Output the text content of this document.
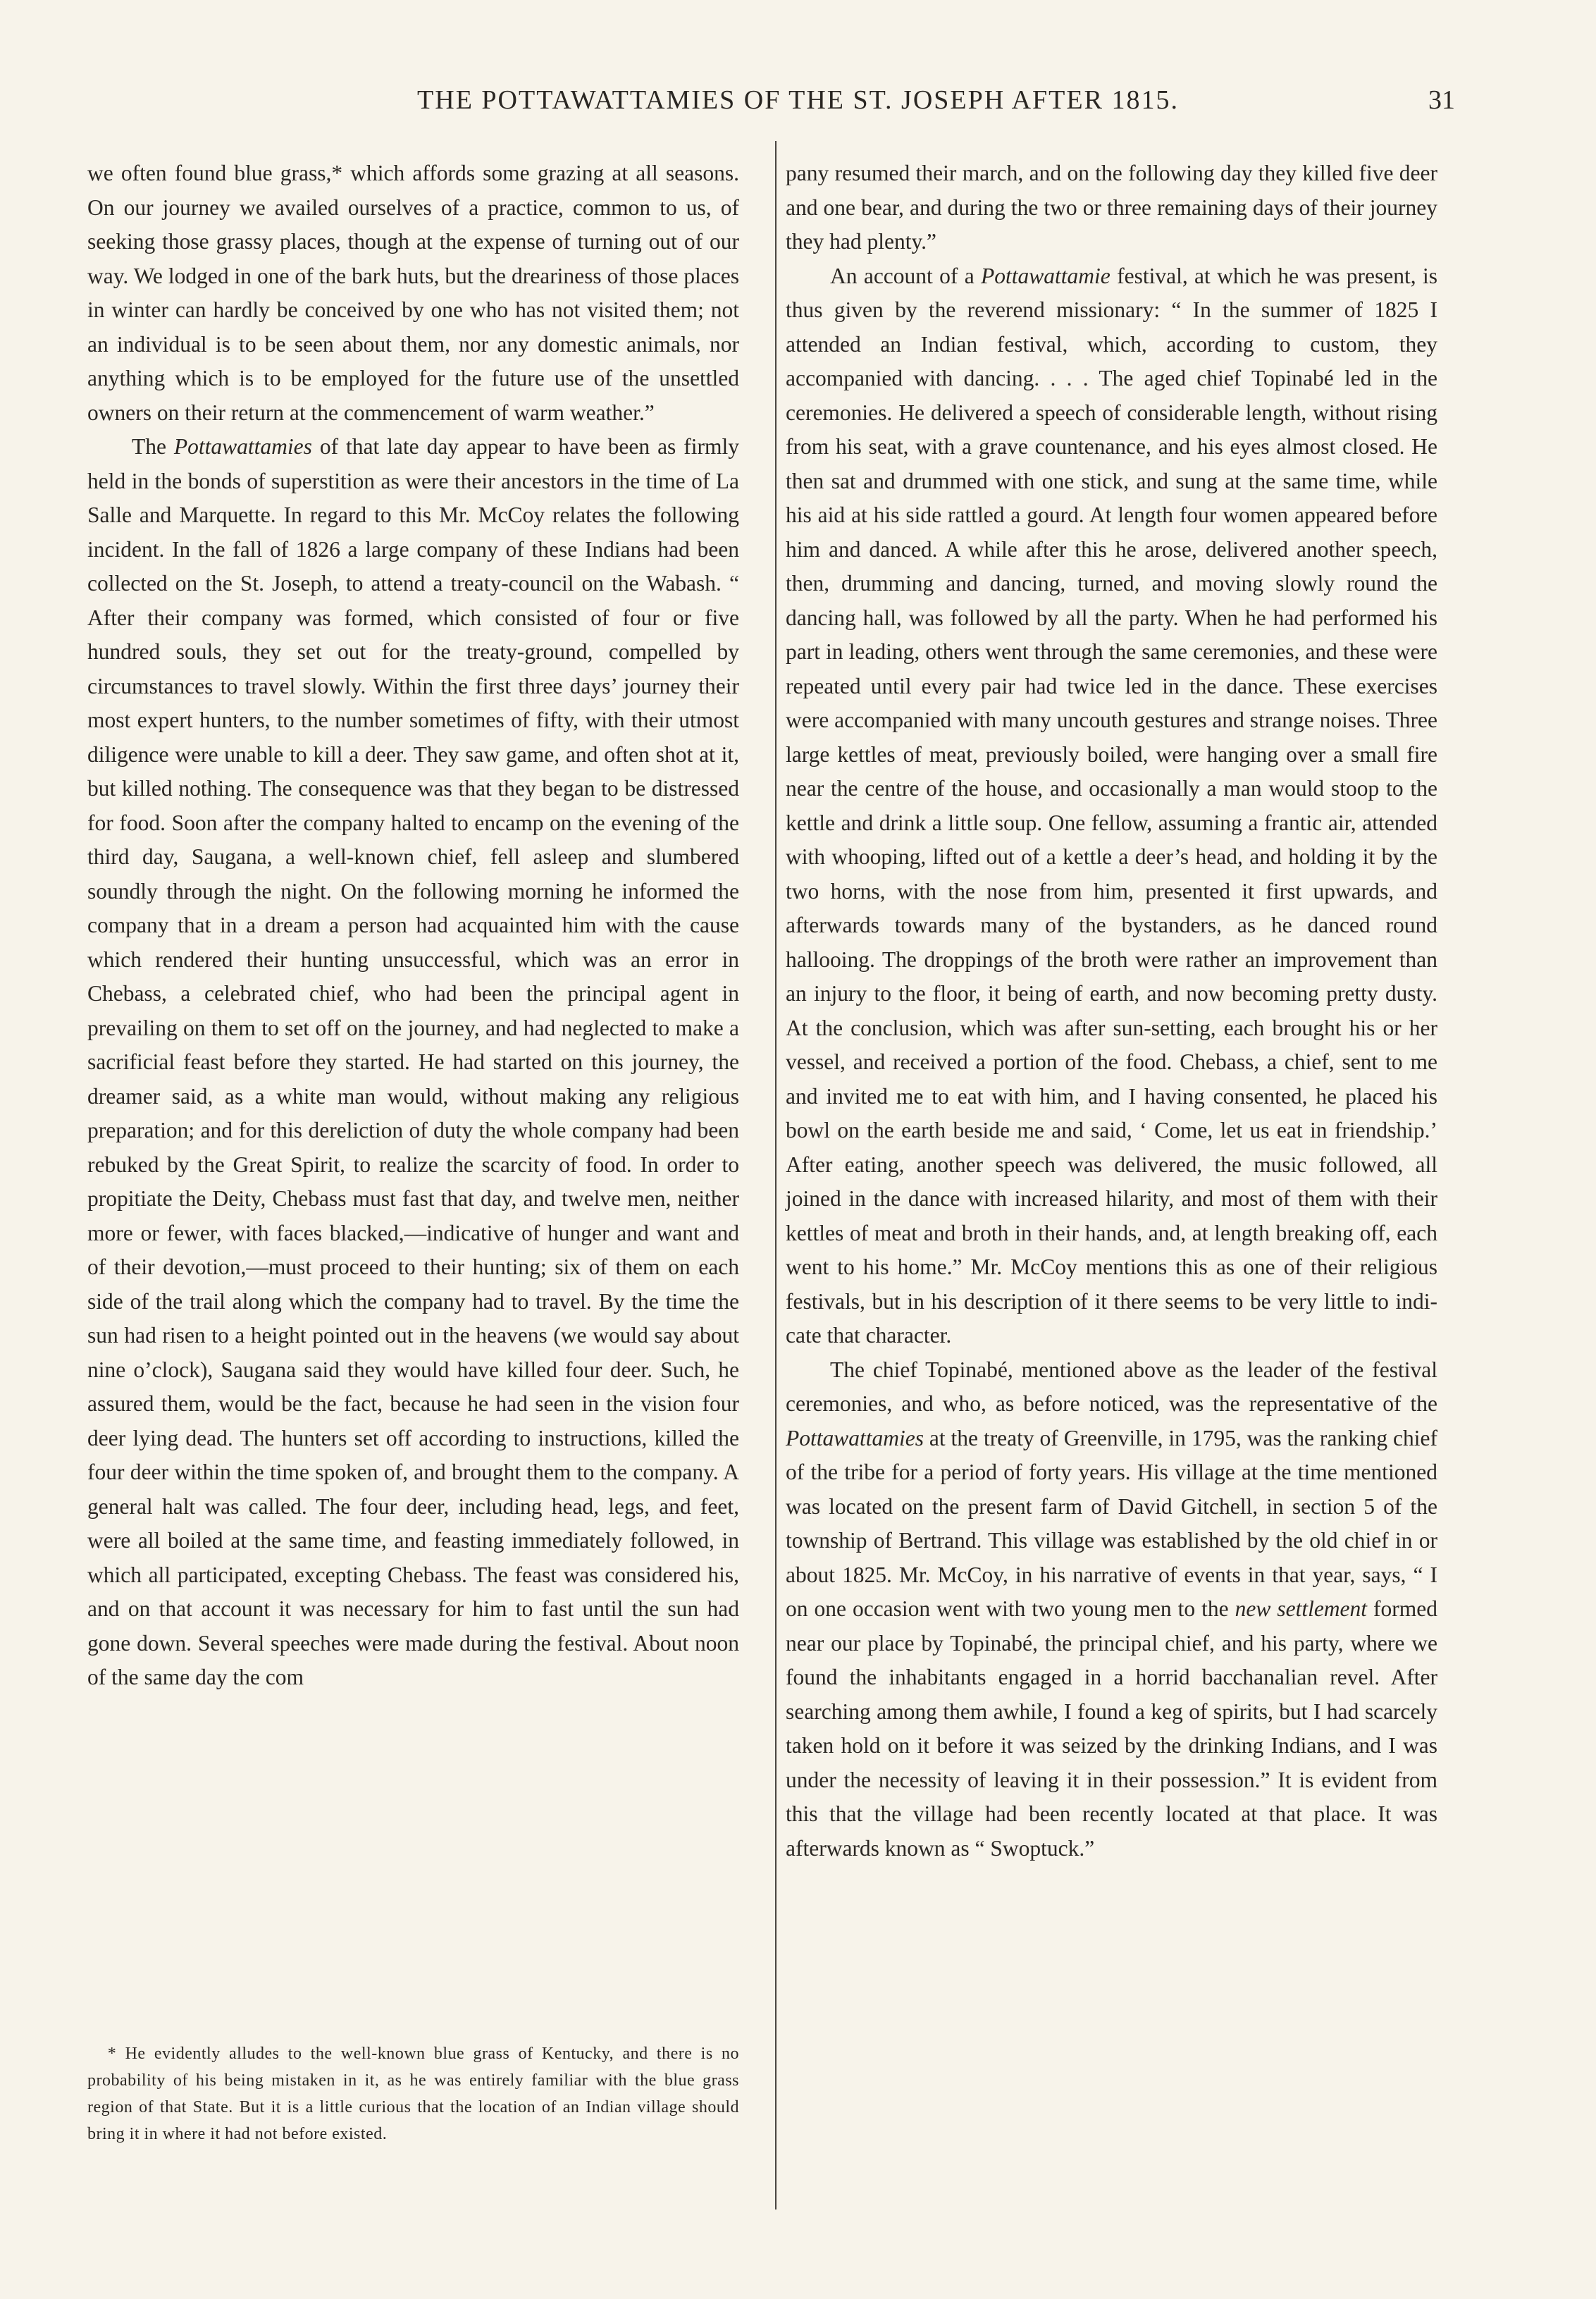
THE POTTAWATTAMIES OF THE ST. JOSEPH AFTER 1815.	31

we often found blue grass,* which affords some grazing at all seasons. On our journey we availed ourselves of a practice, common to us, of seeking those grassy places, though at the expense of turning out of our way. We lodged in one of the bark huts, but the dreariness of those places in winter can hardly be conceived by one who has not visited them; not an individual is to be seen about them, nor any domestic animals, nor anything which is to be employed for the future use of the unsettled owners on their return at the commencement of warm weather.”

The Pottawattamies of that late day appear to have been as firmly held in the bonds of superstition as were their ancestors in the time of La Salle and Marquette. In regard to this Mr. McCoy relates the following incident. In the fall of 1826 a large company of these Indians had been collected on the St. Joseph, to attend a treaty-council on the Wabash. “ After their company was formed, which consisted of four or five hundred souls, they set out for the treaty-ground, compelled by circumstances to travel slowly. Within the first three days’ journey their most expert hunters, to the number sometimes of fifty, with their utmost diligence were unable to kill a deer. They saw game, and often shot at it, but killed nothing. The consequence was that they began to be distressed for food. Soon after the company halted to encamp on the evening of the third day, Saugana, a well-known chief, fell asleep and slumbered soundly through the night. On the following morning he informed the company that in a dream a person had acquainted him with the cause which rendered their hunting unsuccessful, which was an error in Chebass, a celebrated chief, who had been the principal agent in prevailing on them to set off on the journey, and had neglected to make a sacrificial feast before they started. He had started on this journey, the dreamer said, as a white man would, without making any religious preparation; and for this dereliction of duty the whole company had been rebuked by the Great Spirit, to realize the scarcity of food. In order to propitiate the Deity, Chebass must fast that day, and twelve men, neither more or fewer, with faces blacked,—indicative of hunger and want and of their devotion,—must proceed to their hunting; six of them on each side of the trail along which the company had to travel. By the time the sun had risen to a height pointed out in the heavens (we would say about nine o’clock), Saugana said they would have killed four deer. Such, he assured them, would be the fact, because he had seen in the vision four deer lying dead. The hunters set off according to instructions, killed the four deer within the time spoken of, and brought them to the company. A general halt was called. The four deer, including head, legs, and feet, were all boiled at the same time, and feasting immediately followed, in which all participated, excepting Chebass. The feast was considered his, and on that account it was necessary for him to fast until the sun had gone down. Several speeches were made during the festival. About noon of the same day the com

* He evidently alludes to the well-known blue grass of Kentucky, and there is no probability of his being mistaken in it, as he was entirely familiar with the blue grass region of that State. But it is a little curious that the location of an Indian village should bring it in where it had not before existed.

pany resumed their march, and on the following day they killed five deer and one bear, and during the two or three remaining days of their journey they had plenty.”

An account of a Pottawattamie festival, at which he was present, is thus given by the reverend missionary: “ In the summer of 1825 I attended an Indian festival, which, according to custom, they accompanied with dancing. . . . The aged chief Topinabé led in the ceremonies. He delivered a speech of considerable length, without rising from his seat, with a grave countenance, and his eyes almost closed. He then sat and drummed with one stick, and sung at the same time, while his aid at his side rattled a gourd. At length four women appeared before him and danced. A while after this he arose, delivered another speech, then, drumming and dancing, turned, and moving slowly round the dancing hall, was followed by all the party. When he had performed his part in leading, others went through the same ceremonies, and these were repeated until every pair had twice led in the dance. These exercises were accompanied with many uncouth gestures and strange noises. Three large kettles of meat, previously boiled, were hanging over a small fire near the centre of the house, and occasionally a man would stoop to the kettle and drink a little soup. One fellow, assuming a frantic air, attended with whooping, lifted out of a kettle a deer’s head, and holding it by the two horns, with the nose from him, presented it first upwards, and afterwards towards many of the bystanders, as he danced round hallooing. The droppings of the broth were rather an improvement than an injury to the floor, it being of earth, and now becoming pretty dusty. At the conclusion, which was after sun-setting, each brought his or her vessel, and received a portion of the food. Chebass, a chief, sent to me and invited me to eat with him, and I having consented, he placed his bowl on the earth beside me and said, ‘ Come, let us eat in friendship.’ After eating, another speech was delivered, the music followed, all joined in the dance with increased hilarity, and most of them with their kettles of meat and broth in their hands, and, at length breaking off, each went to his home.” Mr. McCoy mentions this as one of their religious festivals, but in his description of it there seems to be very little to indicate that character.

The chief Topinabé, mentioned above as the leader of the festival ceremonies, and who, as before noticed, was the representative of the Pottawattamies at the treaty of Greenville, in 1795, was the ranking chief of the tribe for a period of forty years. His village at the time mentioned was located on the present farm of David Gitchell, in section 5 of the township of Bertrand. This village was established by the old chief in or about 1825. Mr. McCoy, in his narrative of events in that year, says, “ I on one occasion went with two young men to the new settlement formed near our place by Topinabé, the principal chief, and his party, where we found the inhabitants engaged in a horrid bacchanalian revel. After searching among them awhile, I found a keg of spirits, but I had scarcely taken hold on it before it was seized by the drinking Indians, and I was under the necessity of leaving it in their possession.” It is evident from this that the village had been recently located at that place. It was afterwards known as “ Swoptuck.”
